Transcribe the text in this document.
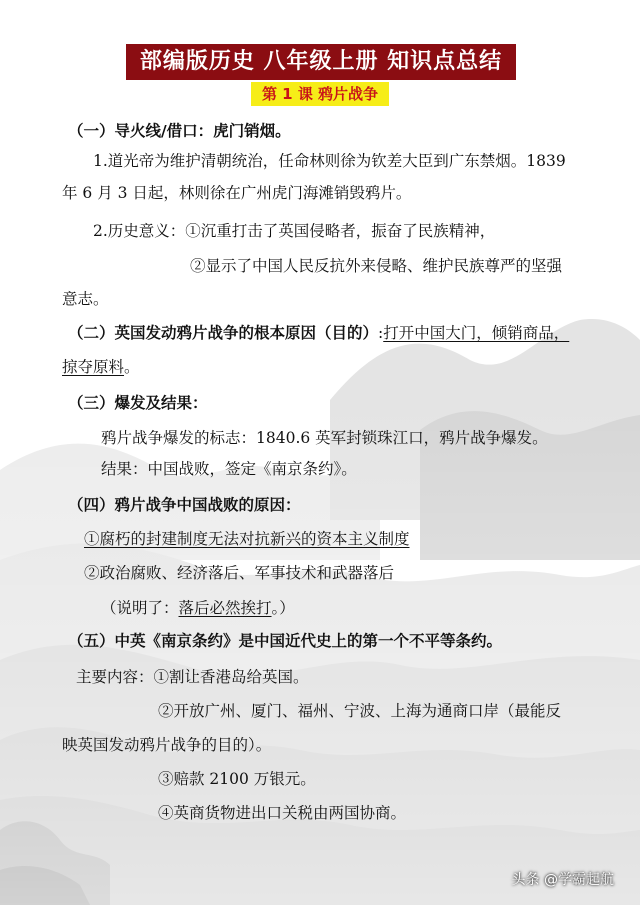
部编版历史 八年级上册 知识点总结
第 1 课 鸦片战争
（一）导火线/借口：虎门销烟。
1.道光帝为维护清朝统治，任命林则徐为钦差大臣到广东禁烟。1839
年 6 月 3 日起，林则徐在广州虎门海滩销毁鸦片。
2.历史意义：①沉重打击了英国侵略者，振奋了民族精神，
②显示了中国人民反抗外来侵略、维护民族尊严的坚强
意志。
（二）英国发动鸦片战争的根本原因（目的）:打开中国大门，倾销商品，
掠夺原料。
（三）爆发及结果：
鸦片战争爆发的标志：1840.6 英军封锁珠江口，鸦片战争爆发。
结果：中国战败，签定《南京条约》。
（四）鸦片战争中国战败的原因：
①腐朽的封建制度无法对抗新兴的资本主义制度
②政治腐败、经济落后、军事技术和武器落后
（说明了：落后必然挨打。）
（五）中英《南京条约》是中国近代史上的第一个不平等条约。
主要内容：①割让香港岛给英国。
②开放广州、厦门、福州、宁波、上海为通商口岸（最能反
映英国发动鸦片战争的目的）。
③赔款 2100 万银元。
④英商货物进出口关税由两国协商。
头条 @学霸起航
